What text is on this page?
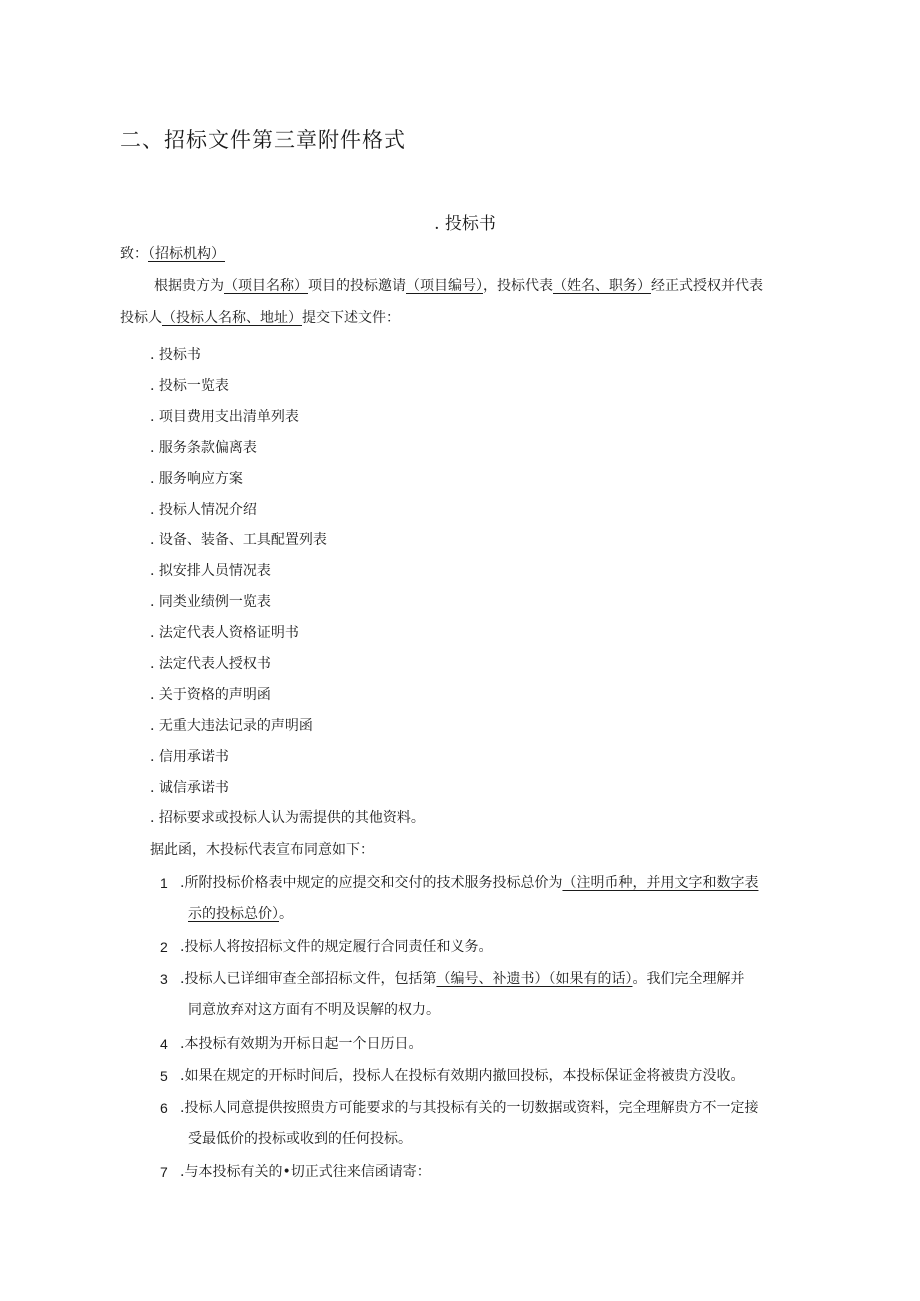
二、招标文件第三章附件格式
. 投标书
致：（招标机构）
根据贵方为（项目名称）项目的投标邀请（项目编号），投标代表（姓名、职务）经正式授权并代表
投标人（投标人名称、地址）提交下述文件：
. 投标书
. 投标一览表
. 项目费用支出清单列表
. 服务条款偏离表
. 服务响应方案
. 投标人情况介绍
. 设备、装备、工具配置列表
. 拟安排人员情况表
. 同类业绩例一览表
. 法定代表人资格证明书
. 法定代表人授权书
. 关于资格的声明函
. 无重大违法记录的声明函
. 信用承诺书
. 诚信承诺书
. 招标要求或投标人认为需提供的其他资料。
据此函，木投标代表宣布同意如下：
1 .所附投标价格表中规定的应提交和交付的技术服务投标总价为（注明币种，并用文字和数字表
示的投标总价）。
2 .投标人将按招标文件的规定履行合同责任和义务。
3 .投标人已详细审查全部招标文件，包括第（编号、补遗书）（如果有的话）。我们完全理解并
同意放弃对这方面有不明及误解的权力。
4 .本投标有效期为开标日起一个日历日。
5 .如果在规定的开标时间后，投标人在投标有效期内撤回投标，本投标保证金将被贵方没收。
6 .投标人同意提供按照贵方可能要求的与其投标有关的一切数据或资料，完全理解贵方不一定接
受最低价的投标或收到的任何投标。
7 .与本投标有关的•切正式往来信函请寄：
